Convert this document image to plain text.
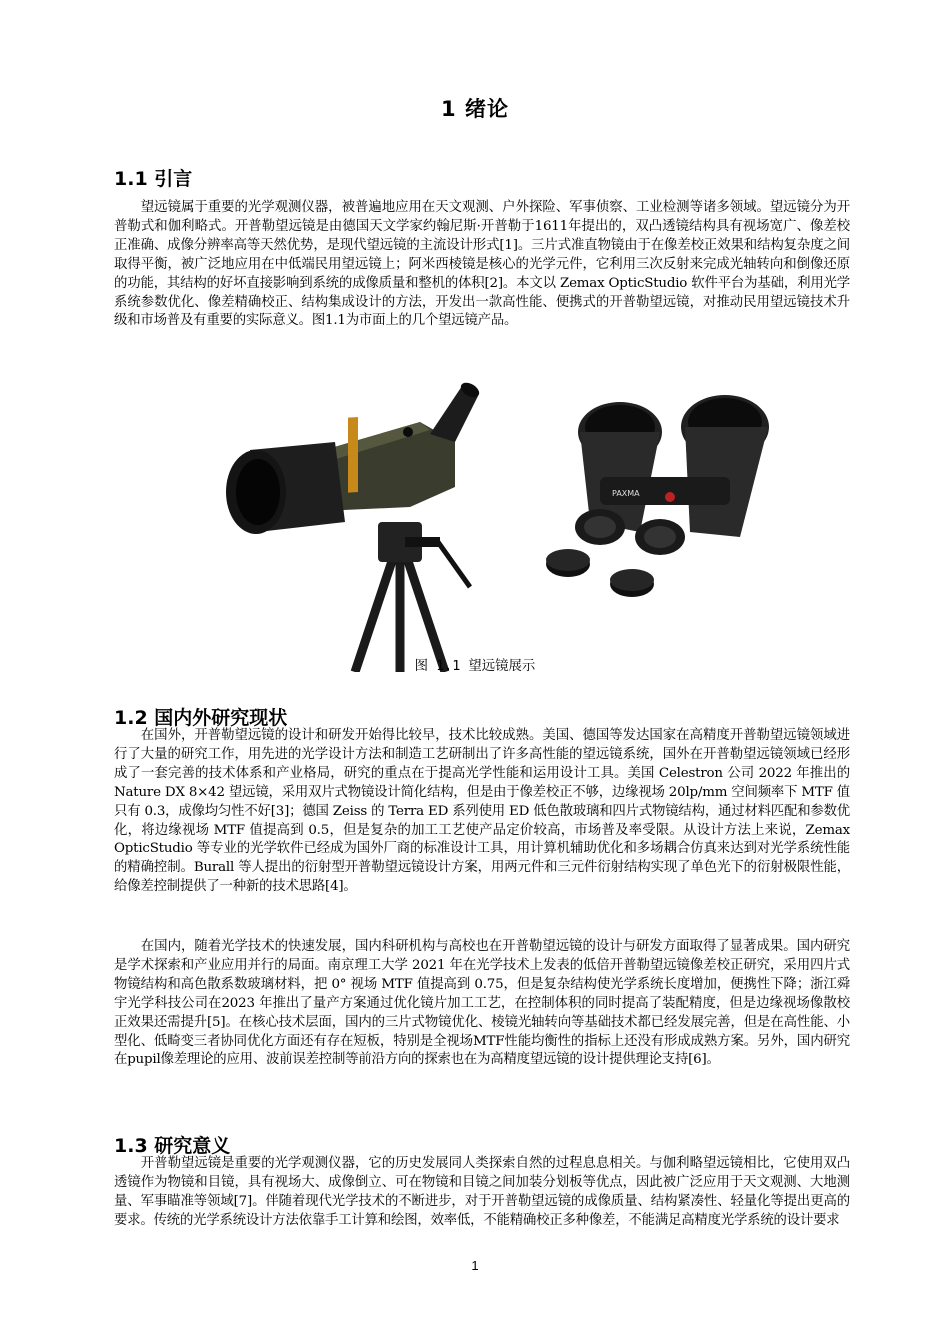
1 绪论
1.1 引言

望远镜属于重要的光学观测仪器，被普遍地应用在天文观测、户外探险、军事侦察、工业检测等诸多领域。望远镜分为开普勒式和伽利略式。开普勒望远镜是由德国天文学家约翰尼斯·开普勒于1611年提出的，双凸透镜结构具有视场宽广、像差校正准确、成像分辨率高等天然优势，是现代望远镜的主流设计形式[1]。三片式准直物镜由于在像差校正效果和结构复杂度之间取得平衡，被广泛地应用在中低端民用望远镜上；阿米西棱镜是核心的光学元件，它利用三次反射来完成光轴转向和倒像还原的功能，其结构的好坏直接影响到系统的成像质量和整机的体积[2]。本文以 Zemax OpticStudio 软件平台为基础，利用光学系统参数优化、像差精确校正、结构集成设计的方法，开发出一款高性能、便携式的开普勒望远镜，对推动民用望远镜技术升级和市场普及有重要的实际意义。图1.1为市面上的几个望远镜产品。

PAXMA
图 1.1 望远镜展示
1.2 国内外研究现状

在国外，开普勒望远镜的设计和研发开始得比较早，技术比较成熟。美国、德国等发达国家在高精度开普勒望远镜领域进行了大量的研究工作，用先进的光学设计方法和制造工艺研制出了许多高性能的望远镜系统，国外在开普勒望远镜领域已经形成了一套完善的技术体系和产业格局，研究的重点在于提高光学性能和运用设计工具。美国 Celestron 公司 2022 年推出的 Nature DX 8×42 望远镜，采用双片式物镜设计简化结构，但是由于像差校正不够，边缘视场 20lp/mm 空间频率下 MTF 值只有 0.3，成像均匀性不好[3]；德国 Zeiss 的 Terra ED 系列使用 ED 低色散玻璃和四片式物镜结构，通过材料匹配和参数优化，将边缘视场 MTF 值提高到 0.5，但是复杂的加工工艺使产品定价较高，市场普及率受限。从设计方法上来说，Zemax OpticStudio 等专业的光学软件已经成为国外厂商的标准设计工具，用计算机辅助优化和多场耦合仿真来达到对光学系统性能的精确控制。Burall 等人提出的衍射型开普勒望远镜设计方案，用两元件和三元件衍射结构实现了单色光下的衍射极限性能，给像差控制提供了一种新的技术思路[4]。

在国内，随着光学技术的快速发展，国内科研机构与高校也在开普勒望远镜的设计与研发方面取得了显著成果。国内研究是学术探索和产业应用并行的局面。南京理工大学 2021 年在光学技术上发表的低倍开普勒望远镜像差校正研究，采用四片式物镜结构和高色散系数玻璃材料，把 0° 视场 MTF 值提高到 0.75，但是复杂结构使光学系统长度增加，便携性下降；浙江舜宇光学科技公司在2023 年推出了量产方案通过优化镜片加工工艺，在控制体积的同时提高了装配精度，但是边缘视场像散校正效果还需提升[5]。在核心技术层面，国内的三片式物镜优化、棱镜光轴转向等基础技术都已经发展完善，但是在高性能、小型化、低畸变三者协同优化方面还有存在短板，特别是全视场MTF性能均衡性的指标上还没有形成成熟方案。另外，国内研究在pupil像差理论的应用、波前误差控制等前沿方向的探索也在为高精度望远镜的设计提供理论支持[6]。

1.3 研究意义

开普勒望远镜是重要的光学观测仪器，它的历史发展同人类探索自然的过程息息相关。与伽利略望远镜相比，它使用双凸透镜作为物镜和目镜，具有视场大、成像倒立、可在物镜和目镜之间加装分划板等优点，因此被广泛应用于天文观测、大地测量、军事瞄准等领域[7]。伴随着现代光学技术的不断进步，对于开普勒望远镜的成像质量、结构紧凑性、轻量化等提出更高的要求。传统的光学系统设计方法依靠手工计算和绘图，效率低，不能精确校正多种像差，不能满足高精度光学系统的设计要求

1
